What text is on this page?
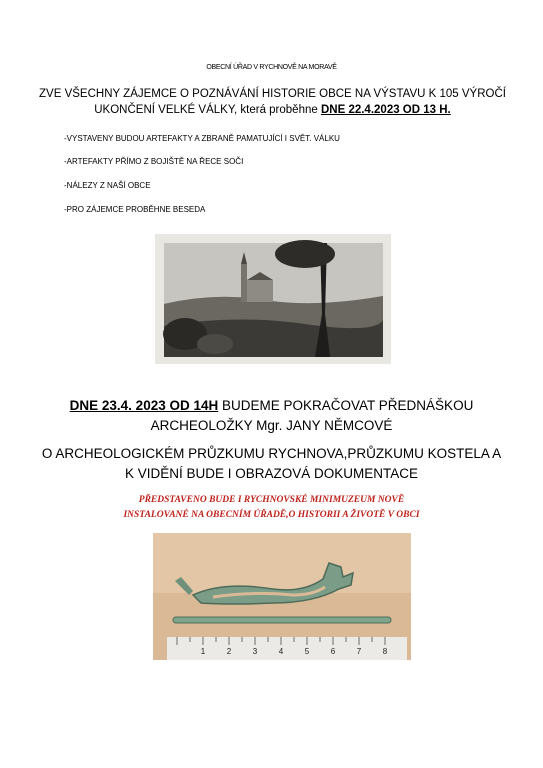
OBECNÍ ÚŘAD V RYCHNOVĚ NA MORAVĚ
ZVE VŠECHNY ZÁJEMCE O POZNÁVÁNÍ HISTORIE OBCE NA VÝSTAVU K 105 VÝROČÍ UKONČENÍ VELKÉ VÁLKY, která proběhne DNE 22.4.2023 OD 13 H.
-VYSTAVENY BUDOU ARTEFAKTY A ZBRANĚ PAMATUJÍCÍ I SVĚT. VÁLKU
-ARTEFAKTY PŘÍMO Z BOJIŠTĚ NA ŘECE SOČI
-NÁLEZY Z NAŠÍ OBCE
-PRO ZÁJEMCE PROBĚHNE BESEDA
DNE 23.4. 2023 OD 14H BUDEME POKRAČOVAT PŘEDNÁŠKOU ARCHEOLOŽKY Mgr. JANY NĚMCOVÉ
O ARCHEOLOGICKÉM PRŮZKUMU RYCHNOVA,PRŮZKUMU KOSTELA A K VIDĚNÍ BUDE I OBRAZOVÁ DOKUMENTACE
PŘEDSTAVENO BUDE I RYCHNOVSKÉ MINIMUZEUM NOVĚ INSTALOVANÉ NA OBECNÍM ÚŘADĚ,O HISTORII A ŽIVOTĚ V OBCI
1	2	3	4	5	6	7	8
